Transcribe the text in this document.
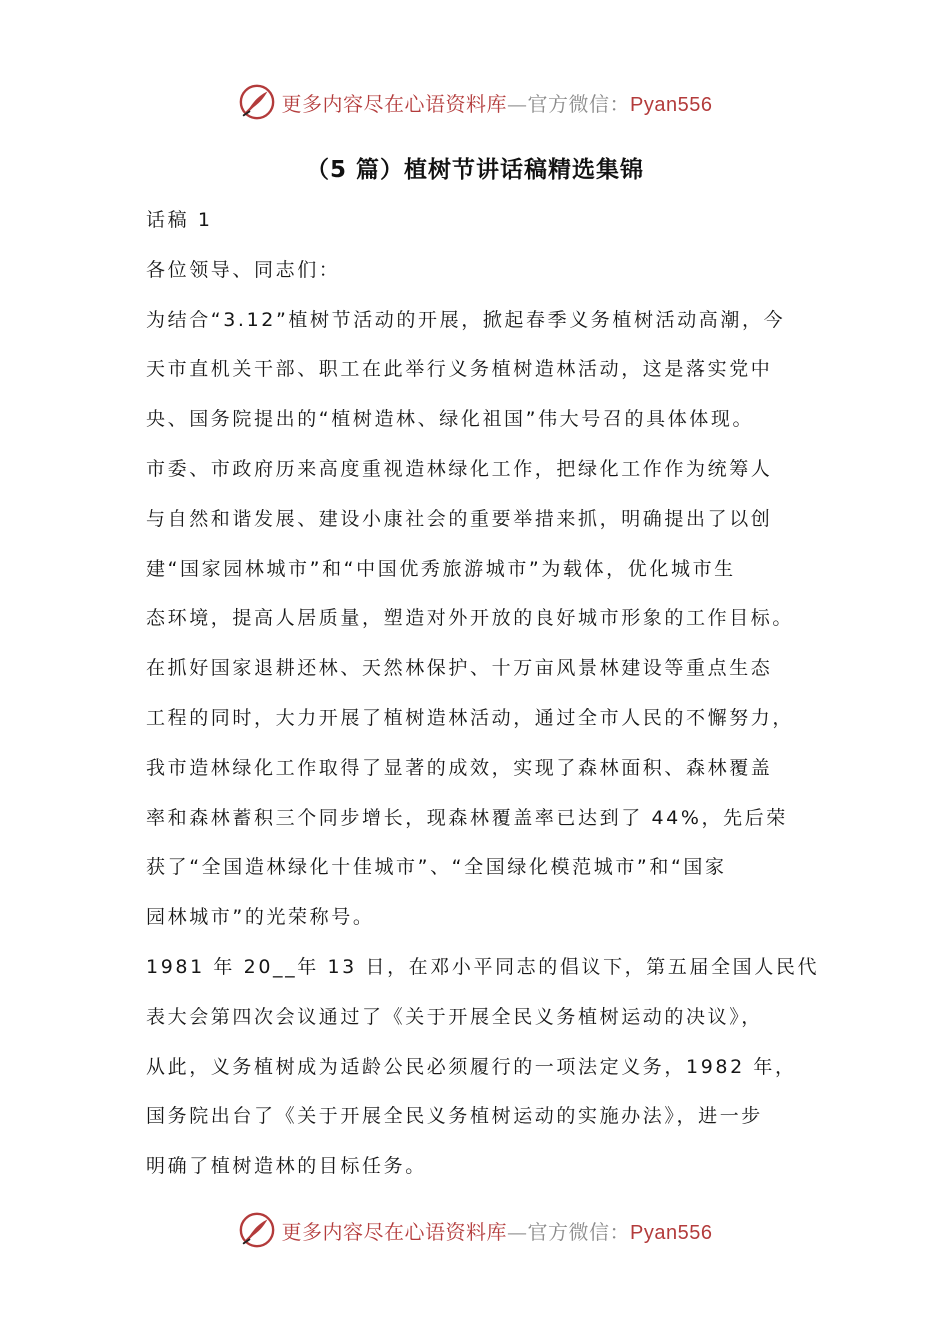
更多内容尽在心语资料库—官方微信：Pyan556
（5 篇）植树节讲话稿精选集锦
话稿 1
各位领导、同志们：
为结合“3.12”植树节活动的开展，掀起春季义务植树活动高潮，今
天市直机关干部、职工在此举行义务植树造林活动，这是落实党中
央、国务院提出的“植树造林、绿化祖国”伟大号召的具体体现。
市委、市政府历来高度重视造林绿化工作，把绿化工作作为统筹人
与自然和谐发展、建设小康社会的重要举措来抓，明确提出了以创
建“国家园林城市”和“中国优秀旅游城市”为载体，优化城市生
态环境，提高人居质量，塑造对外开放的良好城市形象的工作目标。
在抓好国家退耕还林、天然林保护、十万亩风景林建设等重点生态
工程的同时，大力开展了植树造林活动，通过全市人民的不懈努力，
我市造林绿化工作取得了显著的成效，实现了森林面积、森林覆盖
率和森林蓄积三个同步增长，现森林覆盖率已达到了 44%，先后荣
获了“全国造林绿化十佳城市”、“全国绿化模范城市”和“国家
园林城市”的光荣称号。
1981 年 20__年 13 日，在邓小平同志的倡议下，第五届全国人民代
表大会第四次会议通过了《关于开展全民义务植树运动的决议》，
从此，义务植树成为适龄公民必须履行的一项法定义务，1982 年，
国务院出台了《关于开展全民义务植树运动的实施办法》，进一步
明确了植树造林的目标任务。
更多内容尽在心语资料库—官方微信：Pyan556
